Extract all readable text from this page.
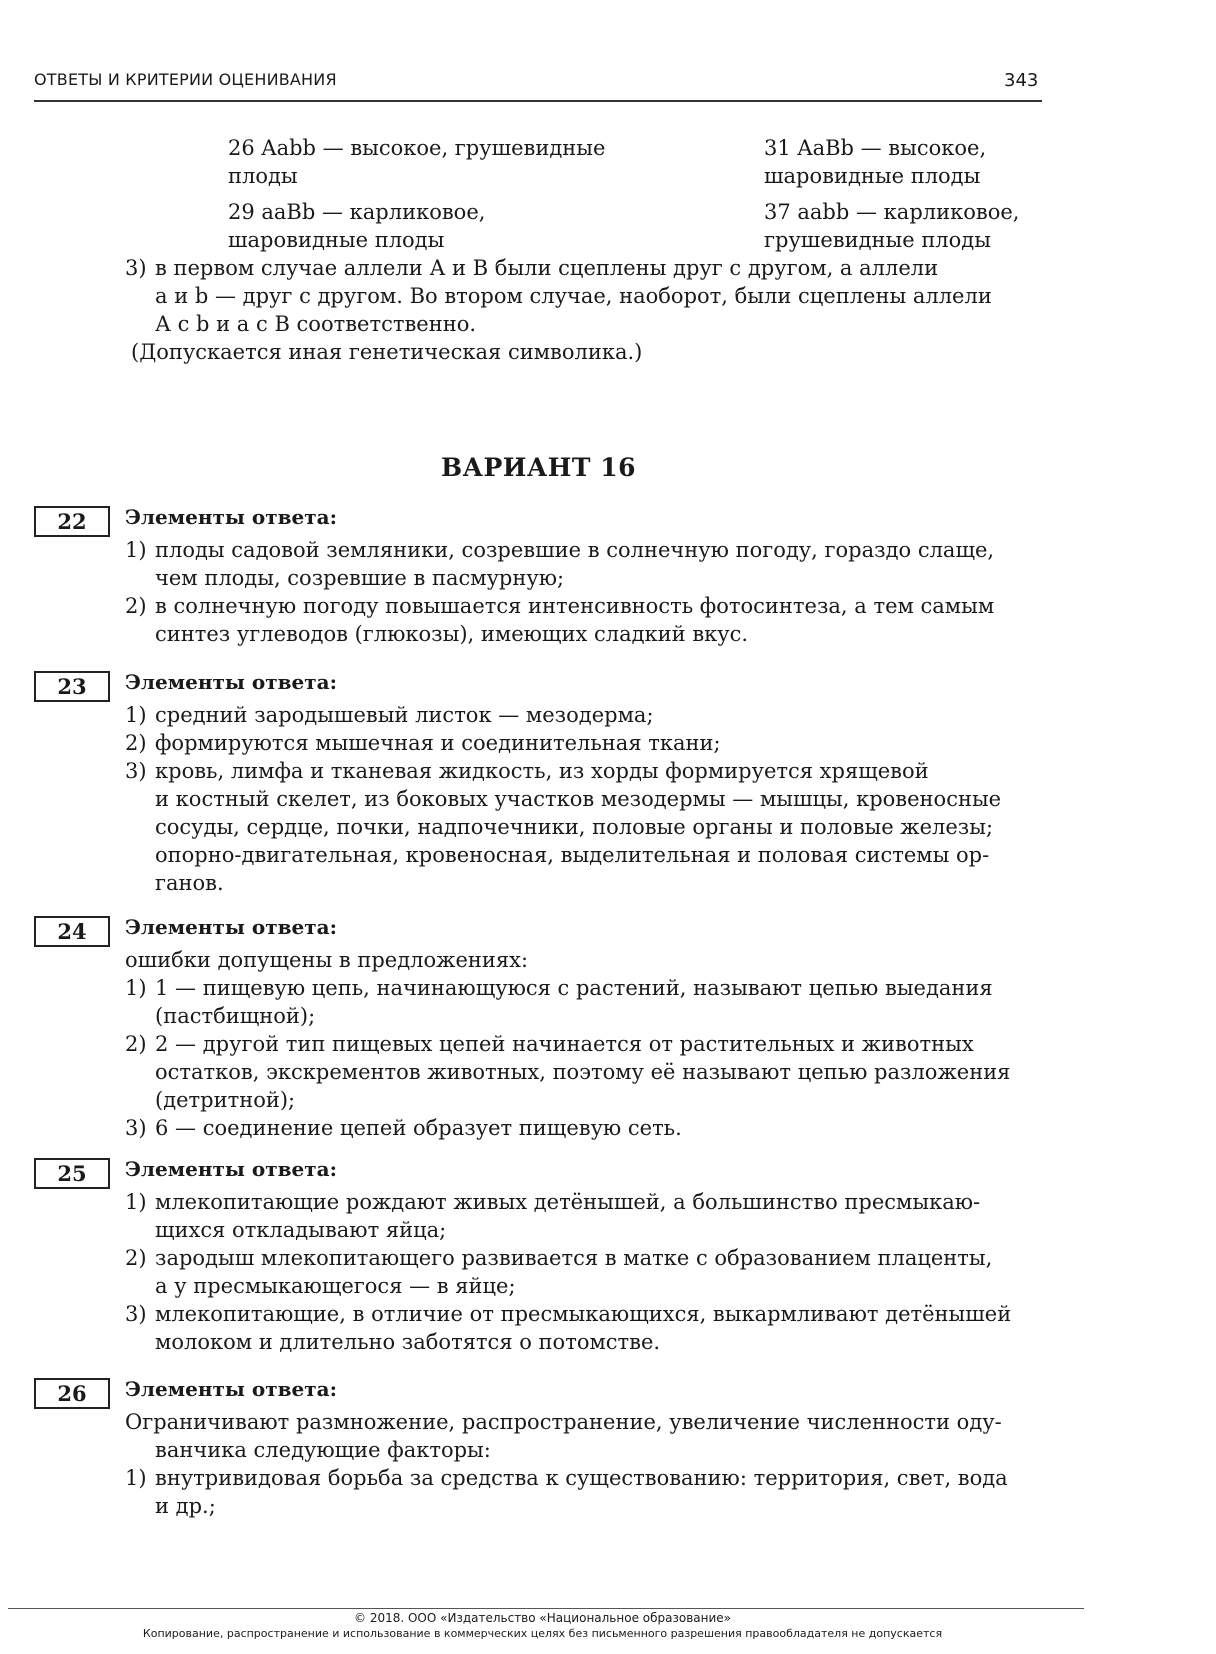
ОТВЕТЫ И КРИТЕРИИ ОЦЕНИВАНИЯ	343
26 Aabb — высокое, грушевидные
плоды
31 AaBb — высокое,
шаровидные плоды
29 aaBb — карликовое,
шаровидные плоды
37 aabb — карликовое,
грушевидные плоды
3) в первом случае аллели А и В были сцеплены друг с другом, а аллели
a и b — друг с другом. Во втором случае, наоборот, были сцеплены аллели
А с b и а с В соответственно.
(Допускается иная генетическая символика.)
ВАРИАНТ 16
22	Элементы ответа:
1) плоды садовой земляники, созревшие в солнечную погоду, гораздо слаще,
чем плоды, созревшие в пасмурную;
2) в солнечную погоду повышается интенсивность фотосинтеза, а тем самым
синтез углеводов (глюкозы), имеющих сладкий вкус.
23	Элементы ответа:
1) средний зародышевый листок — мезодерма;
2) формируются мышечная и соединительная ткани;
3) кровь, лимфа и тканевая жидкость, из хорды формируется хрящевой
и костный скелет, из боковых участков мезодермы — мышцы, кровеносные
сосуды, сердце, почки, надпочечники, половые органы и половые железы;
опорно-двигательная, кровеносная, выделительная и половая системы ор-
ганов.
24	Элементы ответа:
ошибки допущены в предложениях:
1) 1 — пищевую цепь, начинающуюся с растений, называют цепью выедания
(пастбищной);
2) 2 — другой тип пищевых цепей начинается от растительных и животных
остатков, экскрементов животных, поэтому её называют цепью разложения
(детритной);
3) 6 — соединение цепей образует пищевую сеть.
25	Элементы ответа:
1) млекопитающие рождают живых детёнышей, а большинство пресмыкаю-
щихся откладывают яйца;
2) зародыш млекопитающего развивается в матке с образованием плаценты,
а у пресмыкающегося — в яйце;
3) млекопитающие, в отличие от пресмыкающихся, выкармливают детёнышей
молоком и длительно заботятся о потомстве.
26	Элементы ответа:
Ограничивают размножение, распространение, увеличение численности оду-
ванчика следующие факторы:
1) внутривидовая борьба за средства к существованию: территория, свет, вода
и др.;
© 2018. ООО «Издательство «Национальное образование»
Копирование, распространение и использование в коммерческих целях без письменного разрешения правообладателя не допускается
